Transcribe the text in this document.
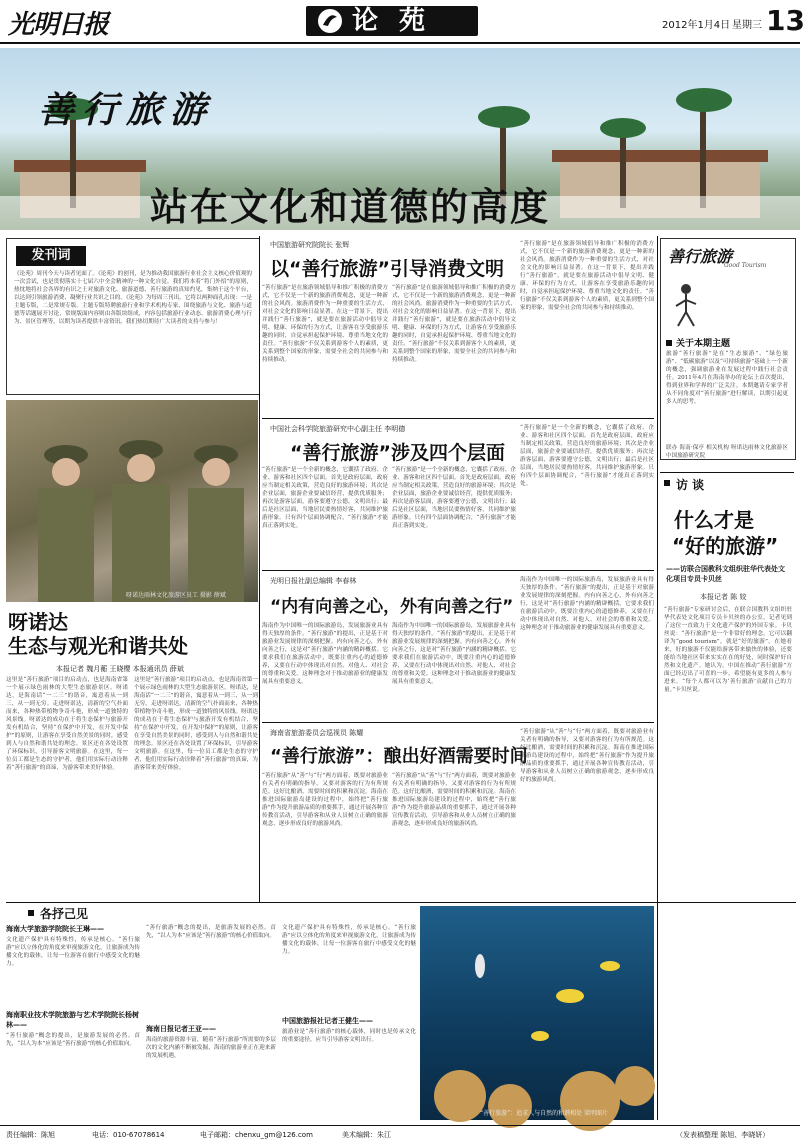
光明日报	论 苑	2012年1月4日 星期三 13
善行旅游
站在文化和道德的高度
发刊词
《论苑》周刊今天与读者见面了。《论苑》的创刊，是为推动我国旅游行业社会主义核心价值观的一次尝试，也是贯彻落实十七届六中全会精神的一种文化自觉。我们将本着“将门外招”的原则，热忱地将社会各界的有识之士对旅游文化、旅游道德、善行旅游的真知灼见，集纳于这个平台，以达到引领旅游消费、凝聚行业共识之目的。《论苑》为每周三刊出。它将以两种面孔出现：一是主题专版，二是常规专版。主题专版特聘旅游行业和学术机构专家，围绕旅游与文化、旅游与道德等话题展开讨论，常规版面内容则由各版块组成，内容包括旅游行业动态、旅游消费心理与行为、景区管理等，以期为读者提供丰富资讯。我们热切期待广大读者的支持与参与！
呀诺达雨林文化旅游区员工 摄影 薛斌
呀诺达
生态与观光和谐共处
本报记者 魏月蘅 王晓樱 本报通讯员 薛斌
这里是“善行旅游”项目的启动点，也是海南省第一个展示绿色雨林的大型生态旅游景区。呀诺达，是海南话“一二三”的谐音，寓意着从一到三，从一到无穷。走进呀诺达，清新的空气扑面而来，各种热带植物争奇斗艳，形成一道独特的风景线。呀诺达的成功在于将生态保护与旅游开发有机结合，坚持“在保护中开发，在开发中保护”的原则，让游客在享受自然美景的同时，感受到人与自然和谐共处的理念。景区还在各处设置了环保标识，引导游客文明旅游。在这里，每一位员工都是生态的守护者，他们用实际行动诠释着“善行旅游”的真谛，为游客带来美好体验。
这里是“善行旅游”项目的启动点，也是海南省第一个展示绿色雨林的大型生态旅游景区。呀诺达，是海南话“一二三”的谐音，寓意着从一到三，从一到无穷。走进呀诺达，清新的空气扑面而来，各种热带植物争奇斗艳，形成一道独特的风景线。呀诺达的成功在于将生态保护与旅游开发有机结合，坚持“在保护中开发，在开发中保护”的原则，让游客在享受自然美景的同时，感受到人与自然和谐共处的理念。景区还在各处设置了环保标识，引导游客文明旅游。在这里，每一位员工都是生态的守护者，他们用实际行动诠释着“善行旅游”的真谛，为游客带来美好体验。
各抒己见
海南大学旅游学院院长王琳——
文化遗产保护具有特殊性，传承是核心。“善行旅游”应以立体化的角度来审视旅游文化，让旅游成为传播文化的载体，让每一位游客在旅行中感受文化的魅力。
海南职业技术学院旅游与艺术学院院长杨树林——
“善行旅游”概念的提出，是旅游发展的必然。首先，“以人为本”应该是“善行旅游”的核心价值取向。
“善行旅游”概念的提出，是旅游发展的必然。首先，“以人为本”应该是“善行旅游”的核心价值取向。
海南日报记者王亚——
海南的旅游资源丰富，随着“善行旅游”所需要的多层次的文化内涵不断被发掘，海南的旅游业正在迎来新的发展机遇。
文化遗产保护具有特殊性，传承是核心。“善行旅游”应以立体化的角度来审视旅游文化，让旅游成为传播文化的载体，让每一位游客在旅行中感受文化的魅力。
中国旅游报社记者王健生——
旅游业是“善行旅游”的核心载体，同时也是传承文化的重要途径，应当引导游客文明出行。
中国旅游研究院院长 张辉
以“善行旅游”引导消费文明
“善行旅游”是在旅游领域倡导和推广积极的消费方式，它不仅是一个新的旅游消费观念，更是一种新的社会风尚。旅游消费作为一种重要的生活方式，对社会文化的影响日益显著。在这一背景下，提出并践行“善行旅游”，就是要在旅游活动中倡导文明、健康、环保的行为方式，让游客在享受旅游乐趣的同时，自觉承担起保护环境、尊重当地文化的责任。“善行旅游”不仅关系到游客个人的素质，更关系到整个国家的形象，需要全社会的共同参与和持续推动。
“善行旅游”是在旅游领域倡导和推广积极的消费方式，它不仅是一个新的旅游消费观念，更是一种新的社会风尚。旅游消费作为一种重要的生活方式，对社会文化的影响日益显著。在这一背景下，提出并践行“善行旅游”，就是要在旅游活动中倡导文明、健康、环保的行为方式，让游客在享受旅游乐趣的同时，自觉承担起保护环境、尊重当地文化的责任。“善行旅游”不仅关系到游客个人的素质，更关系到整个国家的形象，需要全社会的共同参与和持续推动。
“善行旅游”是在旅游领域倡导和推广积极的消费方式，它不仅是一个新的旅游消费观念，更是一种新的社会风尚。旅游消费作为一种重要的生活方式，对社会文化的影响日益显著。在这一背景下，提出并践行“善行旅游”，就是要在旅游活动中倡导文明、健康、环保的行为方式，让游客在享受旅游乐趣的同时，自觉承担起保护环境、尊重当地文化的责任。“善行旅游”不仅关系到游客个人的素质，更关系到整个国家的形象，需要全社会的共同参与和持续推动。
中国社会科学院旅游研究中心副主任 李明德
“善行旅游”涉及四个层面
“善行旅游”是一个全新的概念，它囊括了政府、企业、游客和社区四个层面。首先是政府层面，政府应当制定相关政策，营造良好的旅游环境；其次是企业层面，旅游企业要诚信经营，提供优质服务；再次是游客层面，游客要遵守公德，文明出行；最后是社区层面，当地居民要热情好客，共同维护旅游形象。只有四个层面协调配合，“善行旅游”才能真正落到实处。
“善行旅游”是一个全新的概念，它囊括了政府、企业、游客和社区四个层面。首先是政府层面，政府应当制定相关政策，营造良好的旅游环境；其次是企业层面，旅游企业要诚信经营，提供优质服务；再次是游客层面，游客要遵守公德，文明出行；最后是社区层面，当地居民要热情好客，共同维护旅游形象。只有四个层面协调配合，“善行旅游”才能真正落到实处。
“善行旅游”是一个全新的概念，它囊括了政府、企业、游客和社区四个层面。首先是政府层面，政府应当制定相关政策，营造良好的旅游环境；其次是企业层面，旅游企业要诚信经营，提供优质服务；再次是游客层面，游客要遵守公德，文明出行；最后是社区层面，当地居民要热情好客，共同维护旅游形象。只有四个层面协调配合，“善行旅游”才能真正落到实处。
光明日报社副总编辑 李春林
“内有向善之心，外有向善之行”
海南作为中国唯一的国际旅游岛，发展旅游业具有得天独厚的条件。“善行旅游”的提出，正是基于对旅游业发展规律的深刻把握。内有向善之心，外有向善之行，这是对“善行旅游”内涵的精辟概括。它要求我们在旅游活动中，既要注重内心的道德修养，又要在行动中体现出对自然、对他人、对社会的尊重和关爱。这种理念对于推动旅游业的健康发展具有重要意义。
海南作为中国唯一的国际旅游岛，发展旅游业具有得天独厚的条件。“善行旅游”的提出，正是基于对旅游业发展规律的深刻把握。内有向善之心，外有向善之行，这是对“善行旅游”内涵的精辟概括。它要求我们在旅游活动中，既要注重内心的道德修养，又要在行动中体现出对自然、对他人、对社会的尊重和关爱。这种理念对于推动旅游业的健康发展具有重要意义。
海南作为中国唯一的国际旅游岛，发展旅游业具有得天独厚的条件。“善行旅游”的提出，正是基于对旅游业发展规律的深刻把握。内有向善之心，外有向善之行，这是对“善行旅游”内涵的精辟概括。它要求我们在旅游活动中，既要注重内心的道德修养，又要在行动中体现出对自然、对他人、对社会的尊重和关爱。这种理念对于推动旅游业的健康发展具有重要意义。
海南省旅游委员会巡视员 陈耀
“善行旅游”：酿出好酒需要时间
“善行旅游”从“善”与“行”两方面着，既要对旅游业有关者有明确的指导，又要对游客的行为有所规范。这好比酿酒，需要时间的积累和沉淀。海南在推进国际旅游岛建设的过程中，始终把“善行旅游”作为提升旅游品质的重要抓手，通过开展各种宣传教育活动，引导游客和从业人员树立正确的旅游观念，逐步形成良好的旅游风尚。
“善行旅游”从“善”与“行”两方面着，既要对旅游业有关者有明确的指导，又要对游客的行为有所规范。这好比酿酒，需要时间的积累和沉淀。海南在推进国际旅游岛建设的过程中，始终把“善行旅游”作为提升旅游品质的重要抓手，通过开展各种宣传教育活动，引导游客和从业人员树立正确的旅游观念，逐步形成良好的旅游风尚。
“善行旅游”从“善”与“行”两方面着，既要对旅游业有关者有明确的指导，又要对游客的行为有所规范。这好比酿酒，需要时间的积累和沉淀。海南在推进国际旅游岛建设的过程中，始终把“善行旅游”作为提升旅游品质的重要抓手，通过开展各种宣传教育活动，引导游客和从业人员树立正确的旅游观念，逐步形成良好的旅游风尚。
“善行旅游”：追求人与自然的和谐相处 梁明图片
善行旅游
Good Tourism
关于本期主题
旅游“善行旅游”是在“生态旅游”、“绿色旅游”、“低碳旅游”以及“可持续旅游”基础上一个新的概念，强调旅游业在发展过程中践行社会责任。2011年4月在海南举办的论坛上首次提出，得到业界和学界的广泛关注。本期邀请专家学者从不同角度对“善行旅游”进行解读，以期引起更多人的思考。
联办 海南·保亭 相关机构 呀诺达雨林文化旅游区 中国旅游研究院
访 谈
什么才是
“好的旅游”
——访联合国教科文组织驻华代表处文化项目专员卡贝丝
本报记者 陈 姣
“善行旅游”专家研讨会后，在联合国教科文组织驻华代表处文化项目专员卡贝丝的办公室，记者见到了这位一直致力于文化遗产保护的外国专家。卡贝丝说：“善行旅游”是一个非常好的理念，它可以翻译为“good tourism”，就是“好的旅游”。在她看来，好的旅游不仅能给游客带来愉快的体验，还要能给当地社区带来实实在在的好处，同时保护好自然和文化遗产。她认为，中国在推动“善行旅游”方面已经迈出了可喜的一步，希望能有更多的人参与进来。“每个人都可以为‘善行旅游’贡献自己的力量。”卡贝丝说。
责任编辑：陈旭	电话：010-67078614	电子邮箱：chenxu_gm@126.com	美术编辑：朱江	（发表稿整理 陈旭、李晓妍）
